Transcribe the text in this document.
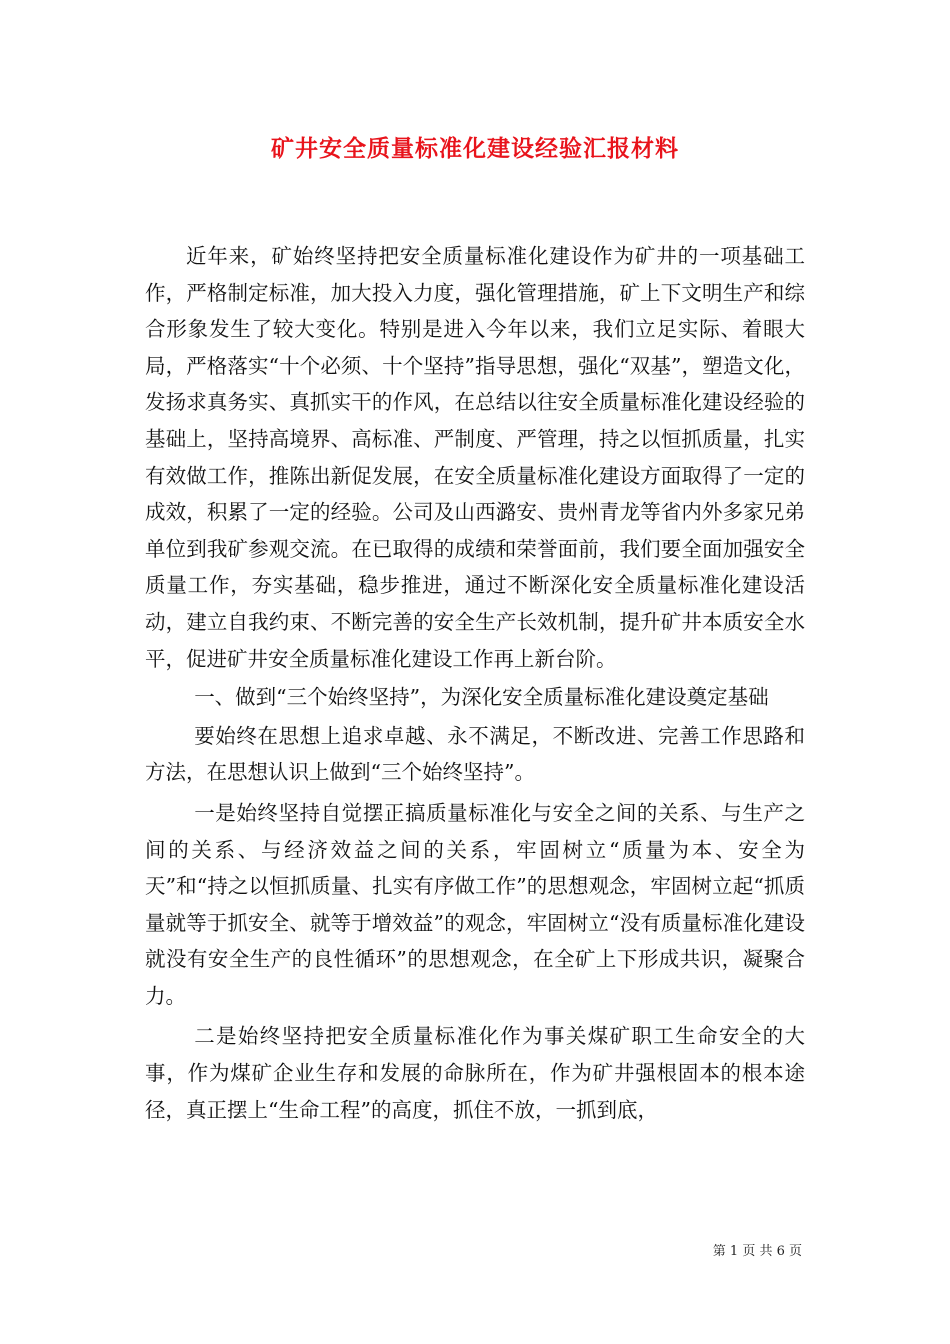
矿井安全质量标准化建设经验汇报材料

近年来，矿始终坚持把安全质量标准化建设作为矿井的一项基础工作，严格制定标准，加大投入力度，强化管理措施，矿上下文明生产和综合形象发生了较大变化。特别是进入今年以来，我们立足实际、着眼大局，严格落实“十个必须、十个坚持”指导思想，强化“双基”，塑造文化，发扬求真务实、真抓实干的作风，在总结以往安全质量标准化建设经验的基础上，坚持高境界、高标准、严制度、严管理，持之以恒抓质量，扎实有效做工作，推陈出新促发展，在安全质量标准化建设方面取得了一定的成效，积累了一定的经验。公司及山西潞安、贵州青龙等省内外多家兄弟单位到我矿参观交流。在已取得的成绩和荣誉面前，我们要全面加强安全质量工作，夯实基础，稳步推进，通过不断深化安全质量标准化建设活动，建立自我约束、不断完善的安全生产长效机制，提升矿井本质安全水平，促进矿井安全质量标准化建设工作再上新台阶。

一、做到“三个始终坚持”，为深化安全质量标准化建设奠定基础

要始终在思想上追求卓越、永不满足，不断改进、完善工作思路和方法，在思想认识上做到“三个始终坚持”。

一是始终坚持自觉摆正搞质量标准化与安全之间的关系、与生产之间的关系、与经济效益之间的关系，牢固树立“质量为本、安全为天”和“持之以恒抓质量、扎实有序做工作”的思想观念，牢固树立起“抓质量就等于抓安全、就等于增效益”的观念，牢固树立“没有质量标准化建设就没有安全生产的良性循环”的思想观念，在全矿上下形成共识，凝聚合力。

二是始终坚持把安全质量标准化作为事关煤矿职工生命安全的大事，作为煤矿企业生存和发展的命脉所在，作为矿井强根固本的根本途径，真正摆上“生命工程”的高度，抓住不放，一抓到底，

第 1 页 共 6 页
